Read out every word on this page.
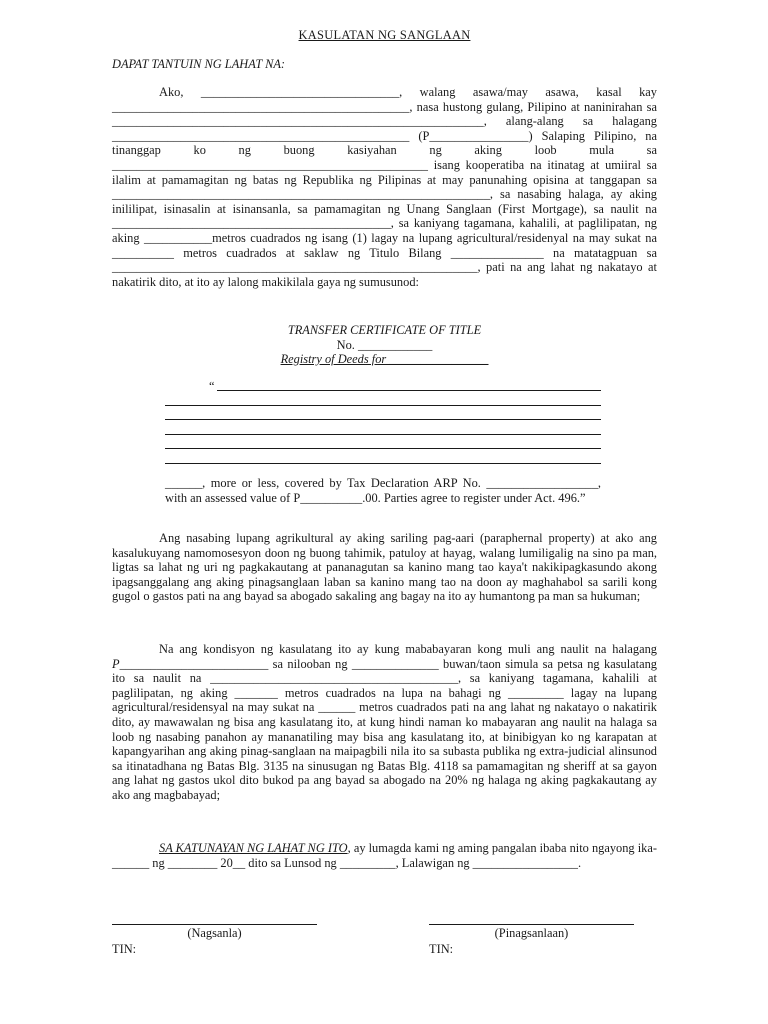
KASULATAN NG SANGLAAN
DAPAT TANTUIN NG LAHAT NA:
Ako, ________________________________, walang asawa/may asawa, kasal kay ________________________________________________, nasa hustong gulang, Pilipino at naninirahan sa ____________________________________________________________, alang-alang sa halagang ________________________________________________ (P________________) Salaping Pilipino, na tinanggap ko ng buong kasiyahan ng aking loob mula sa ___________________________________________________ isang kooperatiba na itinatag at umiiral sa ilalim at pamamagitan ng batas ng Republika ng Pilipinas at may panunahing opisina at tanggapan sa _____________________________________________________________, sa nasabing halaga, ay aking inililipat, isinasalin at isinansanla, sa pamamagitan ng Unang Sanglaan (First Mortgage), sa naulit na _____________________________________________, sa kaniyang tagamana, kahalili, at paglilipatan, ng aking ___________metros cuadrados ng isang (1) lagay na lupang agricultural/residenyal na may sukat na __________ metros cuadrados at saklaw ng Titulo Bilang _______________ na matatagpuan sa ___________________________________________________________, pati na ang lahat ng nakatayo at nakatirik dito, at ito ay lalong makikilala gaya ng sumusunod:
TRANSFER CERTIFICATE OF TITLE
No. ____________
Registry of Deeds for ________________
“
______, more or less, covered by Tax Declaration ARP No. __________________, with an assessed value of P__________.00. Parties agree to register under Act. 496.”
Ang nasabing lupang agrikultural ay aking sariling pag-aari (paraphernal property) at ako ang kasalukuyang namomosesyon doon ng buong tahimik, patuloy at hayag, walang lumiligalig na sino pa man, ligtas sa lahat ng uri ng pagkakautang at pananagutan sa kanino mang tao kaya't nakikipagkasundo akong ipagsanggalang ang aking pinagsanglaan laban sa kanino mang tao na doon ay maghahabol sa sarili kong gugol o gastos pati na ang bayad sa abogado sakaling ang bagay na ito ay humantong pa man sa hukuman;
Na ang kondisyon ng kasulatang ito ay kung mababayaran kong muli ang naulit na halagang P________________________ sa nilooban ng ______________ buwan/taon simula sa petsa ng kasulatang ito sa naulit na ________________________________________, sa kaniyang tagamana, kahalili at paglilipatan, ng aking _______ metros cuadrados na lupa na bahagi ng _________ lagay na lupang agricultural/residensyal na may sukat na ______ metros cuadrados pati na ang lahat ng nakatayo o nakatirik dito, ay mawawalan ng bisa ang kasulatang ito, at kung hindi naman ko mabayaran ang naulit na halaga sa loob ng nasabing panahon ay mananatiling may bisa ang kasulatang ito, at binibigyan ko ng karapatan at kapangyarihan ang aking pinag-sanglaan na maipagbili nila ito sa subasta publika ng extra-judicial alinsunod sa itinatadhana ng Batas Blg. 3135 na sinusugan ng Batas Blg. 4118 sa pamamagitan ng sheriff at sa gayon ang lahat ng gastos ukol dito bukod pa ang bayad sa abogado na 20% ng halaga ng aking pagkakautang ay ako ang magbabayad;
SA KATUNAYAN NG LAHAT NG ITO, ay lumagda kami ng aming pangalan ibaba nito ngayong ika-______ ng ________ 20__ dito sa Lunsod ng _________, Lalawigan ng _________________.
(Nagsanla)
TIN:
(Pinagsanlaan)
TIN:
